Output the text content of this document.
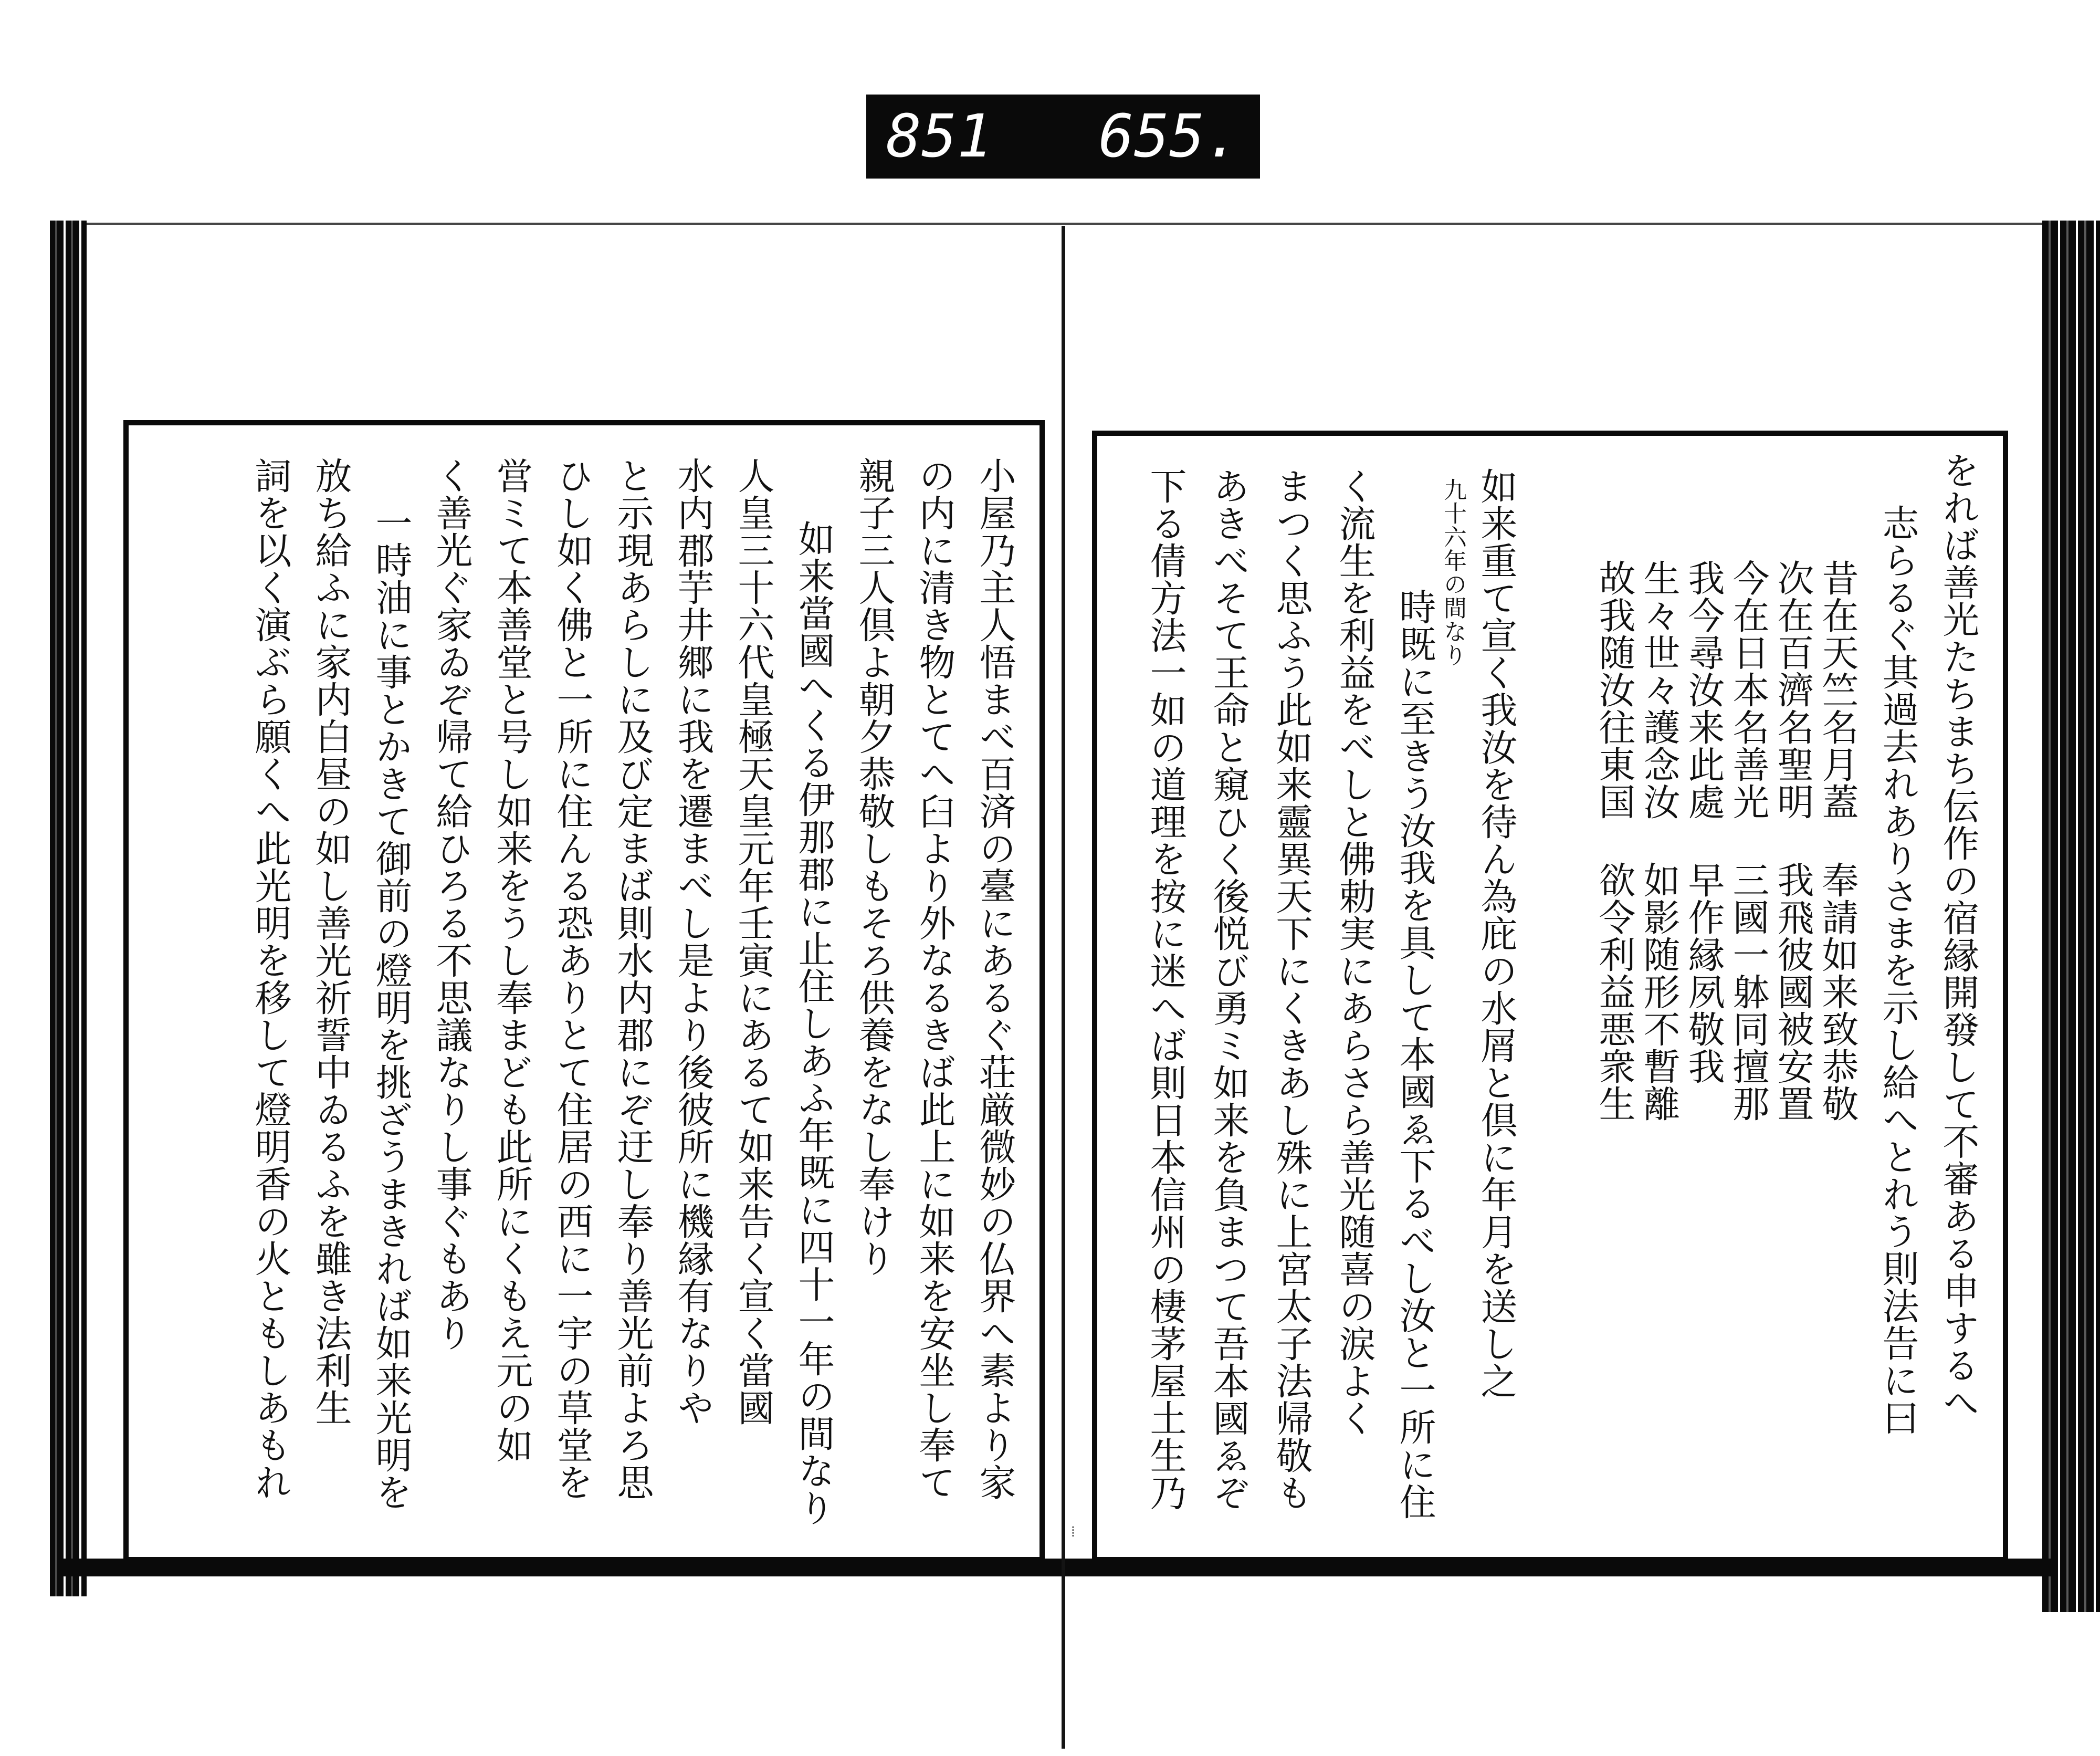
851   655.
⁞
をれば善光たちまち伝作の宿縁開發して不審ある申するへ
志らるぐ其過去れありさまを示し給へとれう則法告に曰
昔在天竺名月蓋
次在百濟名聖明
今在日本名善光
我今尋汝来此處
生々世々護念汝
故我随汝往東国
奉請如来致恭敬
我飛彼國被安置
三國一躰同擅那
早作縁夙敬我
如影随形不暫離
欲令利益悪衆生
如来重て宣く我汝を待ん為庇の水屑と倶に年月を送し之
九十六年の間なり
時既に至きう汝我を具して本國ゑ下るべし汝と一所に住
く流生を利益をべしと佛勅実にあらさら善光随喜の涙よく
まつく思ふう此如来靈異天下にくきあし殊に上宮太子法帰敬も
あきべそて王命と窺ひく後悦び勇ミ如来を負まつて吾本國ゑぞ
下る倩方法一如の道理を按に迷へば則日本信州の棲茅屋土生乃
小屋乃主人悟まべ百済の臺にあるぐ荘厳微妙の仏界へ素より家
の内に清き物とてへ臼より外なるきば此上に如来を安坐し奉て
親子三人倶よ朝夕恭敬しもそろ供養をなし奉けり
如来當國へくる伊那郡に止住しあふ年既に四十一年の間なり
人皇三十六代皇極天皇元年壬寅にあるて如来告く宣く當國
水内郡芋井郷に我を遷まべし是より後彼所に機縁有なりや
と示現あらしに及び定まば則水内郡にぞ迂し奉り善光前よろ思
ひし如く佛と一所に住んる恐ありとて住居の西に一宇の草堂を
営ミて本善堂と号し如来をうし奉まども此所にくもえ元の如
く善光ぐ家ゐぞ帰て給ひろる不思議なりし事ぐもあり
一時油に事とかきて御前の燈明を挑ざうまきれば如来光明を
放ち給ふに家内白昼の如し善光祈誓中ゐるふを雖き法利生
詞を以く演ぶら願くへ此光明を移して燈明香の火ともしあもれ
